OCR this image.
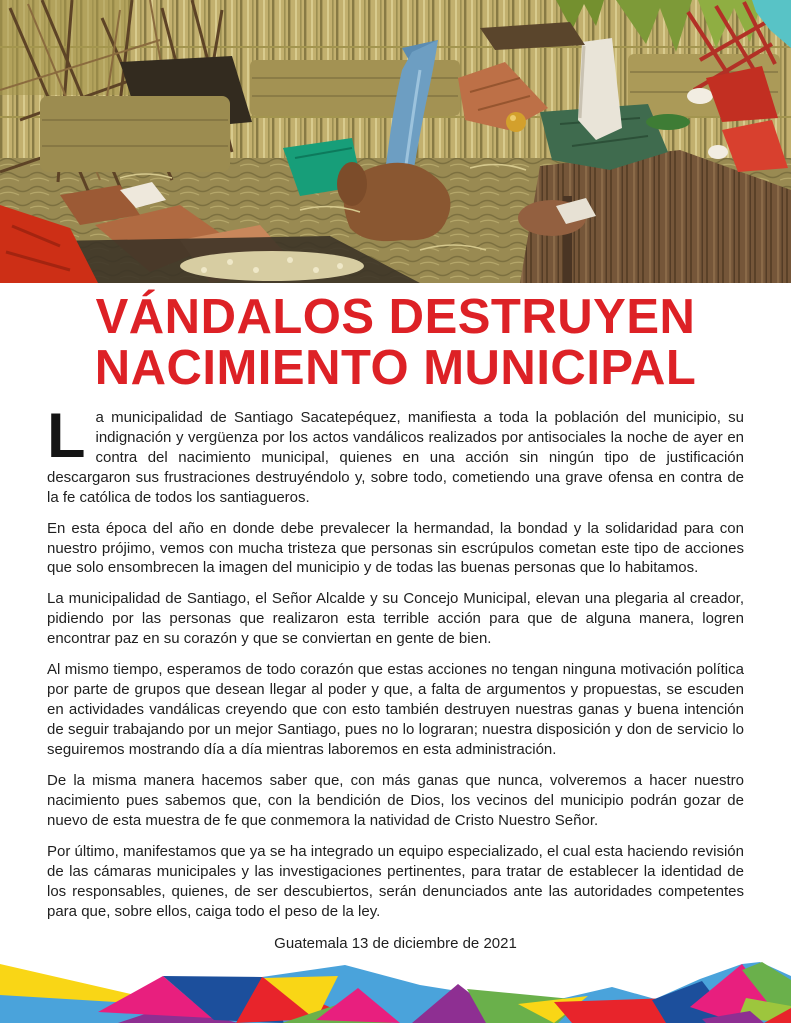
VÁNDALOS DESTRUYEN
NACIMIENTO MUNICIPAL

La municipalidad de Santiago Sacatepéquez, manifiesta a toda la población del municipio, su indignación y vergüenza por los actos vandálicos realizados por antisociales la noche de ayer en contra del nacimiento municipal, quienes en una acción sin ningún tipo de justificación descargaron sus frustraciones destruyéndolo y, sobre todo, cometiendo una grave ofensa en contra de la fe católica de todos los santiagueros.

En esta época del año en donde debe prevalecer la hermandad, la bondad y la solidaridad para con nuestro prójimo, vemos con mucha tristeza que personas sin escrúpulos cometan este tipo de acciones que solo ensombrecen la imagen del municipio y de todas las buenas personas que lo habitamos.

La municipalidad de Santiago, el Señor Alcalde y su Concejo Municipal, elevan una plegaria al creador, pidiendo por las personas que realizaron esta terrible acción para que de alguna manera, logren encontrar paz en su corazón y que se conviertan en gente de bien.

Al mismo tiempo, esperamos de todo corazón que estas acciones no tengan ninguna motivación política por parte de grupos que desean llegar al poder y que, a falta de argumentos y propuestas, se escuden en actividades vandálicas creyendo que con esto también destruyen nuestras ganas y buena intención de seguir trabajando por un mejor Santiago, pues no lo lograran; nuestra disposición y don de servicio lo seguiremos mostrando día a día mientras laboremos en esta administración.

De la misma manera hacemos saber que, con más ganas que nunca, volveremos a hacer nuestro nacimiento pues sabemos que, con la bendición de Dios, los vecinos del municipio podrán gozar de nuevo de esta muestra de fe que conmemora la natividad de Cristo Nuestro Señor.

Por último, manifestamos que ya se ha integrado un equipo especializado, el cual esta haciendo revisión de las cámaras municipales y las investigaciones pertinentes, para tratar de establecer la identidad de los responsables, quienes, de ser descubiertos, serán denunciados ante las autoridades competentes para que, sobre ellos, caiga todo el peso de la ley.

Guatemala 13 de diciembre de 2021
